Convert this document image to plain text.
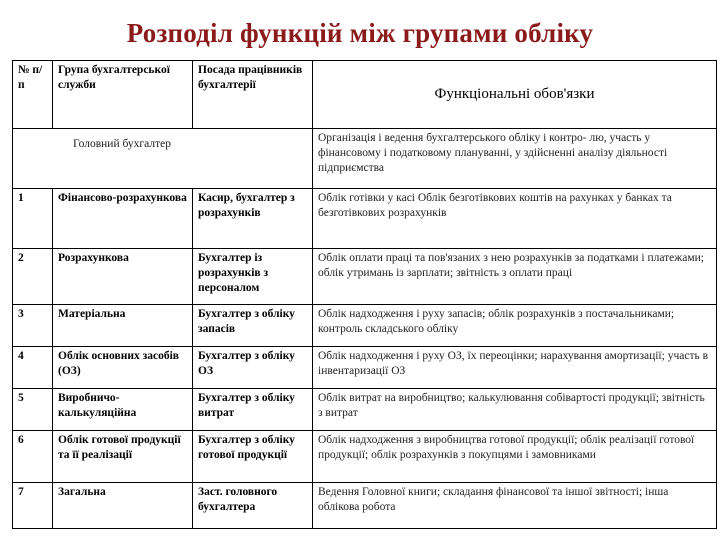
Розподіл функцій між групами обліку
№ п/п	Група бухгалтерської служби	Посада працівників бухгалтерії	Функціональні обов'язки
Головний бухгалтер			Організація і ведення бухгалтерського обліку і контро- лю, участь у фінансовому і податковому плануванні, у здійсненні аналізу діяльності підприємства
1	Фінансово-розрахункова	Касир, бухгалтер з розрахунків	Облік готівки у касі Облік безготівкових коштів на рахунках у банках та безготівкових розрахунків
2	Розрахункова	Бухгалтер із розрахунків з персоналом	Облік оплати праці та пов'язаних з нею розрахунків за податками і платежами; облік утримань із зарплати; звітність з оплати праці
3	Матеріальна	Бухгалтер з обліку запасів	Облік надходження і руху запасів; облік розрахунків з постачальниками; контроль складського обліку
4	Облік основних засобів (ОЗ)	Бухгалтер з обліку ОЗ	Облік надходження і руху ОЗ, їх переоцінки; нарахування амортизації; участь в інвентаризації ОЗ
5	Виробничо-калькуляційна	Бухгалтер з обліку витрат	Облік витрат на виробництво; калькулювання собівартості продукції; звітність з витрат
6	Облік готової продукції та її реалізації	Бухгалтер з обліку готової продукції	Облік надходження з виробництва готової продукції; облік реалізації готової продукції; облік розрахунків з покупцями і замовниками
7	Загальна	Заст. головного бухгалтера	Ведення Головної книги; складання фінансової та іншої звітності; інша облікова робота
